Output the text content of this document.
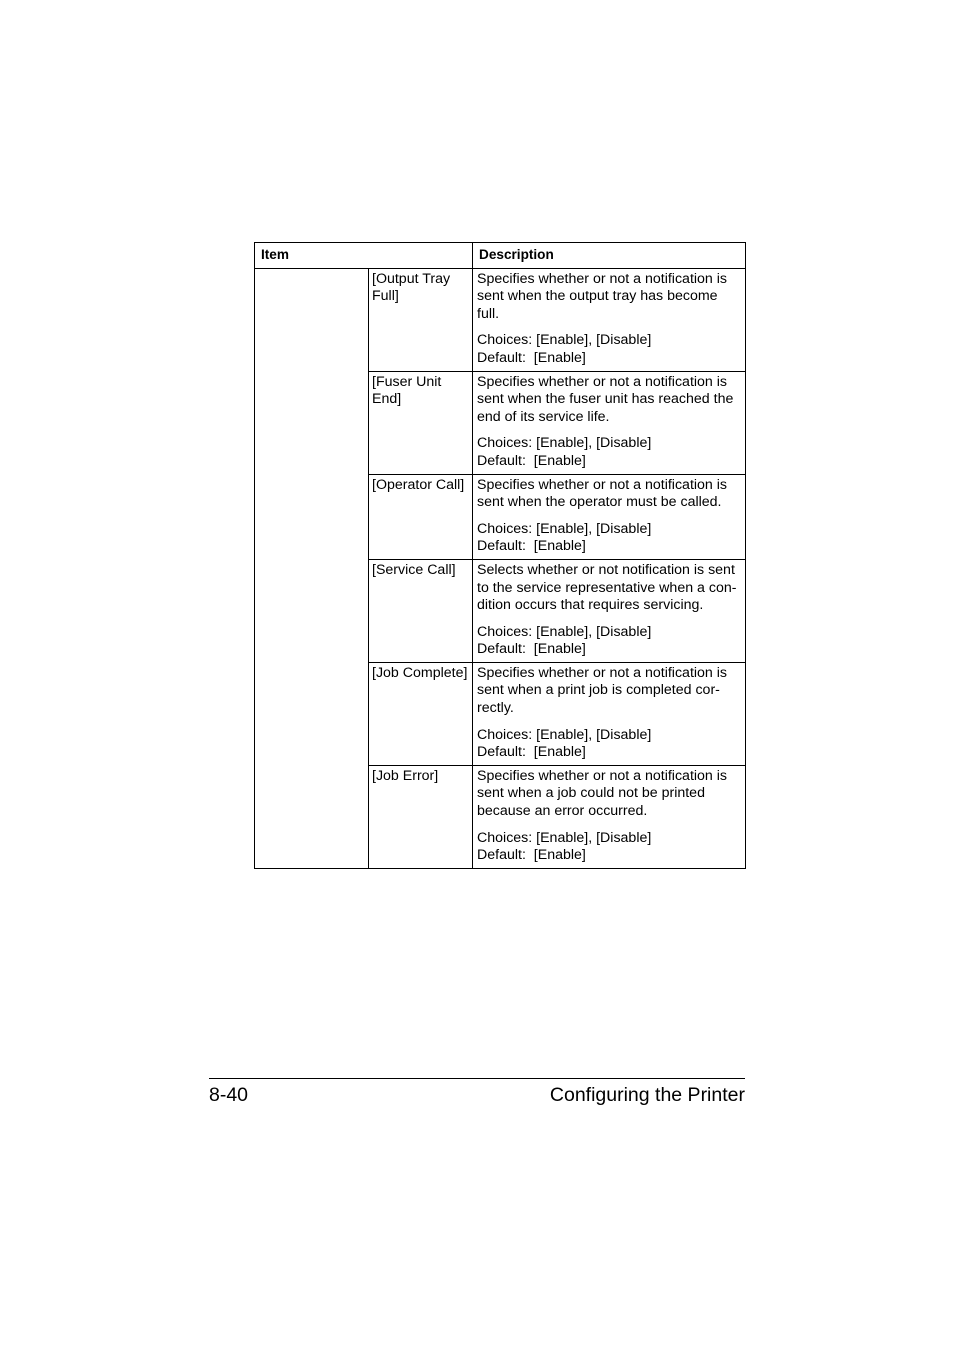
Item		Description
	[Output Tray Full]	Specifies whether or not a notification is sent when the output tray has become full.

Choices: [Enable], [Disable]

Default:  [Enable]

	[Fuser Unit End]	Specifies whether or not a notification is sent when the fuser unit has reached the end of its service life.

Choices: [Enable], [Disable]

Default:  [Enable]

	[Operator Call]	Specifies whether or not a notification is sent when the operator must be called.

Choices: [Enable], [Disable]

Default:  [Enable]

	[Service Call]	Selects whether or not notification is sent to the service representative when a con-dition occurs that requires servicing.

Choices: [Enable], [Disable]

Default:  [Enable]

	[Job Complete]	Specifies whether or not a notification is sent when a print job is completed cor-rectly.

Choices: [Enable], [Disable]

Default:  [Enable]

	[Job Error]	Specifies whether or not a notification is sent when a job could not be printed because an error occurred.

Choices: [Enable], [Disable]

Default:  [Enable]

8-40	Configuring the Printer
